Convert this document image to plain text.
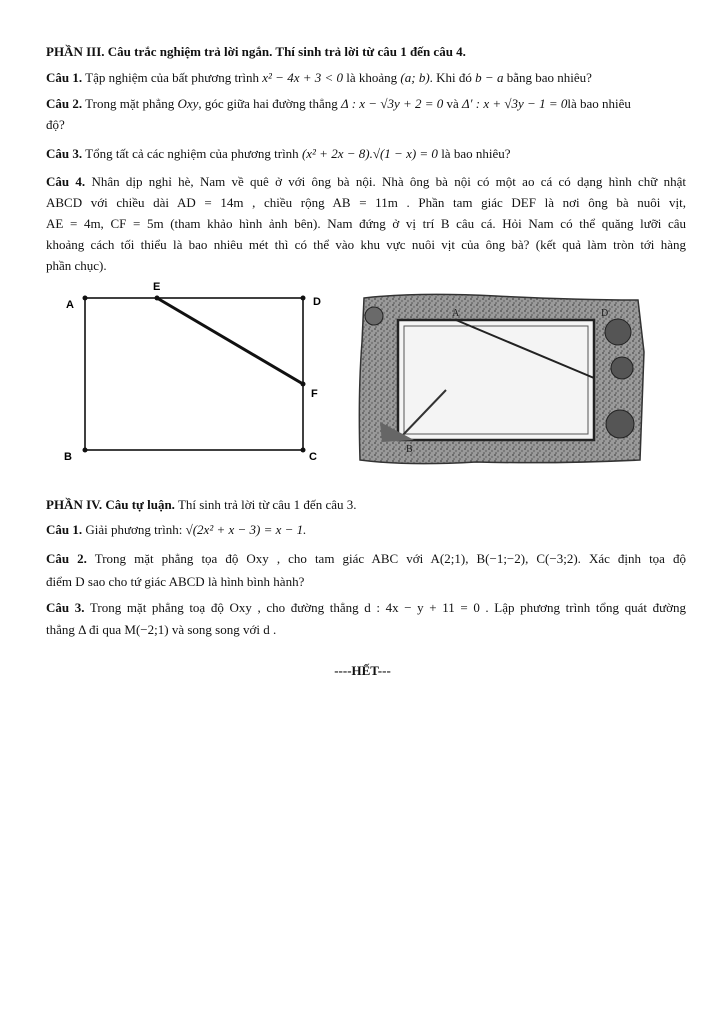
PHẦN III. Câu trắc nghiệm trả lời ngắn. Thí sinh trả lời từ câu 1 đến câu 4.
Câu 1. Tập nghiệm của bất phương trình x² − 4x + 3 < 0 là khoảng (a; b). Khi đó b − a bằng bao nhiêu?
Câu 2. Trong mặt phẳng Oxy, góc giữa hai đường thẳng Δ : x − √3y + 2 = 0 và Δ′ : x + √3y − 1 = 0là bao nhiêu
độ?
Câu 3. Tổng tất cả các nghiệm của phương trình (x² + 2x − 8).√(1 − x) = 0 là bao nhiêu?
Câu 4. Nhân dịp nghỉ hè, Nam về quê ở với ông bà nội. Nhà ông bà nội có một ao cá có dạng hình chữ nhật
ABCD với chiều dài AD = 14m , chiều rộng AB = 11m . Phần tam giác DEF là nơi ông bà nuôi vịt,
AE = 4m, CF = 5m (tham khảo hình ảnh bên). Nam đứng ở vị trí B câu cá. Hỏi Nam có thể quăng lưỡi câu
khoảng cách tối thiểu là bao nhiêu mét thì có thể vào khu vực nuôi vịt của ông bà? (kết quả làm tròn tới hàng
phần chục).
A
E
D
F
B	C
A	D
B
PHẦN IV. Câu tự luận. Thí sinh trả lời từ câu 1 đến câu 3.
Câu 1. Giải phương trình: √(2x² + x − 3) = x − 1.
Câu 2. Trong mặt phẳng tọa độ Oxy , cho tam giác ABC với A(2;1), B(−1;−2), C(−3;2). Xác định tọa độ
điểm D sao cho tứ giác ABCD là hình bình hành?
Câu 3. Trong mặt phẳng toạ độ Oxy , cho đường thẳng d : 4x − y + 11 = 0 . Lập phương trình tổng quát đường
thẳng Δ đi qua M(−2;1) và song song với d .
----HẾT---
